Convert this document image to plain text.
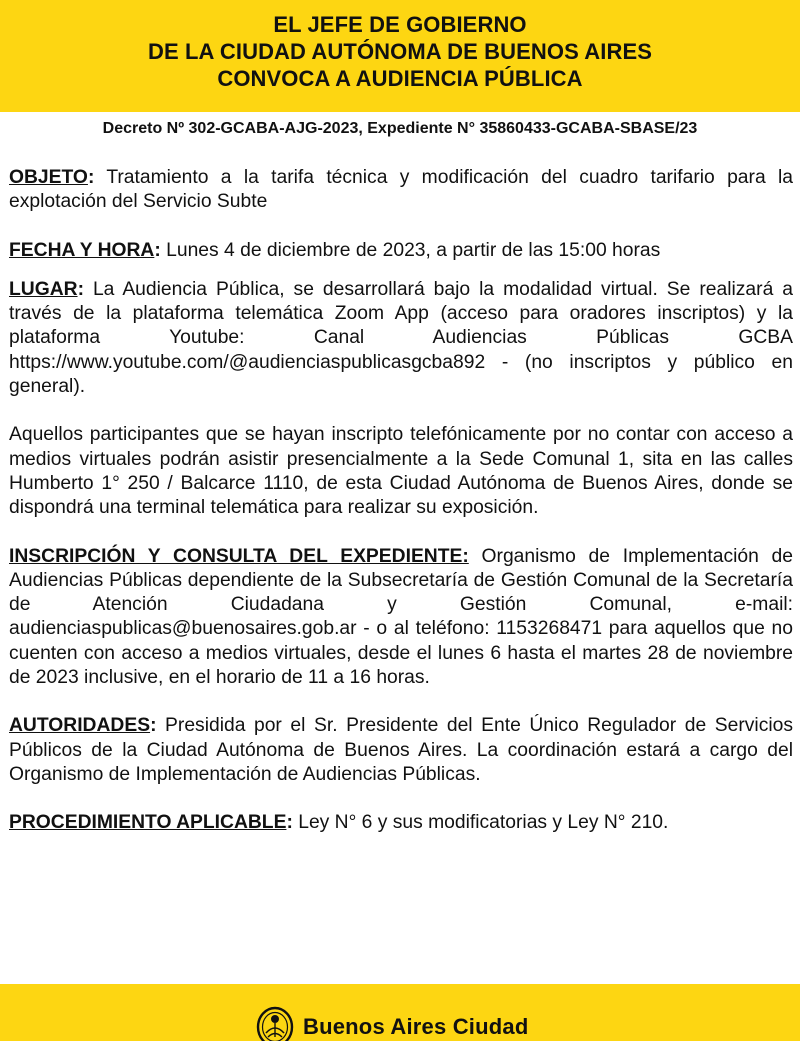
EL JEFE DE GOBIERNO
DE LA CIUDAD AUTÓNOMA DE BUENOS AIRES
CONVOCA A AUDIENCIA PÚBLICA
Decreto Nº 302-GCABA-AJG-2023, Expediente N° 35860433-GCABA-SBASE/23

OBJETO: Tratamiento a la tarifa técnica y modificación del cuadro tarifario para la explotación del Servicio Subte

FECHA Y HORA: Lunes 4 de diciembre de 2023, a partir de las 15:00 horas

LUGAR: La Audiencia Pública, se desarrollará bajo la modalidad virtual. Se realizará a través de la plataforma telemática Zoom App (acceso para oradores inscriptos) y la plataforma Youtube: Canal Audiencias Públicas GCBA https://www.youtube.com/@audienciaspublicasgcba892 - (no inscriptos y público en general).

Aquellos participantes que se hayan inscripto telefónicamente por no contar con acceso a medios virtuales podrán asistir presencialmente a la Sede Comunal 1, sita en las calles Humberto 1° 250 / Balcarce 1110, de esta Ciudad Autónoma de Buenos Aires, donde se dispondrá una terminal telemática para realizar su exposición.

INSCRIPCIÓN Y CONSULTA DEL EXPEDIENTE: Organismo de Implementación de Audiencias Públicas dependiente de la Subsecretaría de Gestión Comunal de la Secretaría de Atención Ciudadana y Gestión Comunal, e-mail: audienciaspublicas@buenosaires.gob.ar - o al teléfono: 1153268471 para aquellos que no cuenten con acceso a medios virtuales, desde el lunes 6 hasta el martes 28 de noviembre de 2023 inclusive, en el horario de 11 a 16 horas.

AUTORIDADES: Presidida por el Sr. Presidente del Ente Único Regulador de Servicios Públicos de la Ciudad Autónoma de Buenos Aires. La coordinación estará a cargo del Organismo de Implementación de Audiencias Públicas.

PROCEDIMIENTO APLICABLE: Ley N° 6 y sus modificatorias y Ley N° 210.

Buenos Aires Ciudad
